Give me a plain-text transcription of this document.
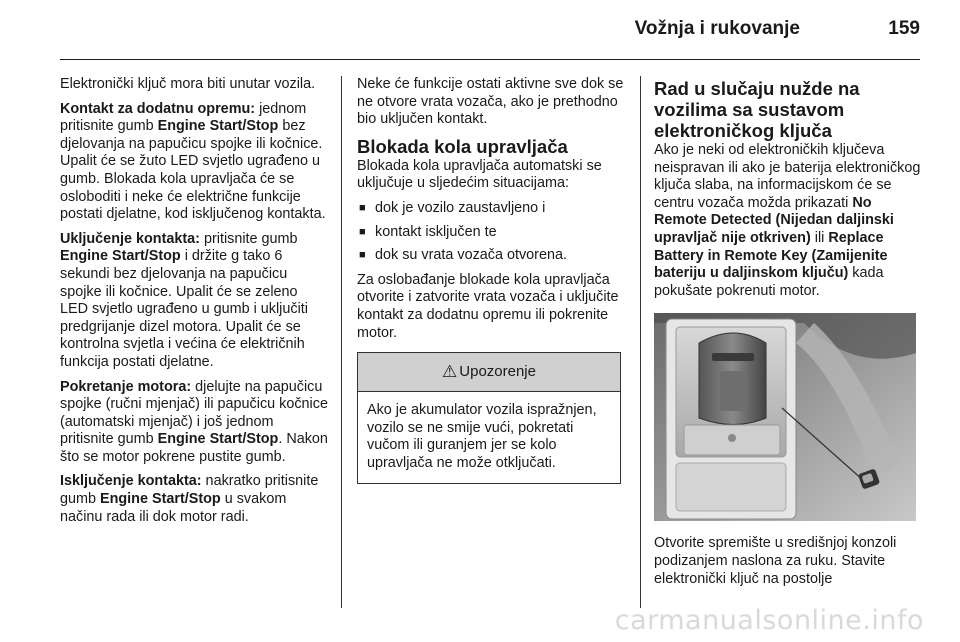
Vožnja i rukovanje	159

Elektronički ključ mora biti unutar vozila.

Kontakt za dodatnu opremu: jednom pritisnite gumb Engine Start/Stop bez djelovanja na papučicu spojke ili kočnice. Upalit će se žuto LED svjetlo ugrađeno u gumb. Blokada kola upravljača će se osloboditi i neke će električne funkcije postati djelatne, kod isključenog kontakta.

Uključenje kontakta: pritisnite gumb Engine Start/Stop i držite g tako 6 sekundi bez djelovanja na papučicu spojke ili kočnice. Upalit će se zeleno LED svjetlo ugrađeno u gumb i uključiti predgrijanje dizel motora. Upalit će se kontrolna svjetla i većina će električnih funkcija postati djelatne.

Pokretanje motora: djelujte na papučicu spojke (ručni mjenjač) ili papučicu kočnice (automatski mjenjač) i još jednom pritisnite gumb Engine Start/Stop. Nakon što se motor pokrene pustite gumb.

Isključenje kontakta: nakratko pritisnite gumb Engine Start/Stop u svakom načinu rada ili dok motor radi.

Neke će funkcije ostati aktivne sve dok se ne otvore vrata vozača, ako je prethodno bio uključen kontakt.

Blokada kola upravljača

Blokada kola upravljača automatski se uključuje u sljedećim situacijama:

■ dok je vozilo zaustavljeno i
■ kontakt isključen te
■ dok su vrata vozača otvorena.

Za oslobađanje blokade kola upravljača otvorite i zatvorite vrata vozača i uključite kontakt za dodatnu opremu ili pokrenite motor.

⚠ Upozorenje
Ako je akumulator vozila ispražnjen, vozilo se ne smije vući, pokretati vučom ili guranjem jer se kolo upravljača ne može otključati.
Rad u slučaju nužde na vozilima sa sustavom elektroničkog ključa

Ako je neki od elektroničkih ključeva neispravan ili ako je baterija elektroničkog ključa slaba, na informacijskom će se centru vozača možda prikazati No Remote Detected (Nijedan daljinski upravljač nije otkriven) ili Replace Battery in Remote Key (Zamijenite bateriju u daljinskom ključu) kada pokušate pokrenuti motor.

Otvorite spremište u središnjoj konzoli podizanjem naslona za ruku. Stavite elektronički ključ na postolje

carmanualsonline.info
